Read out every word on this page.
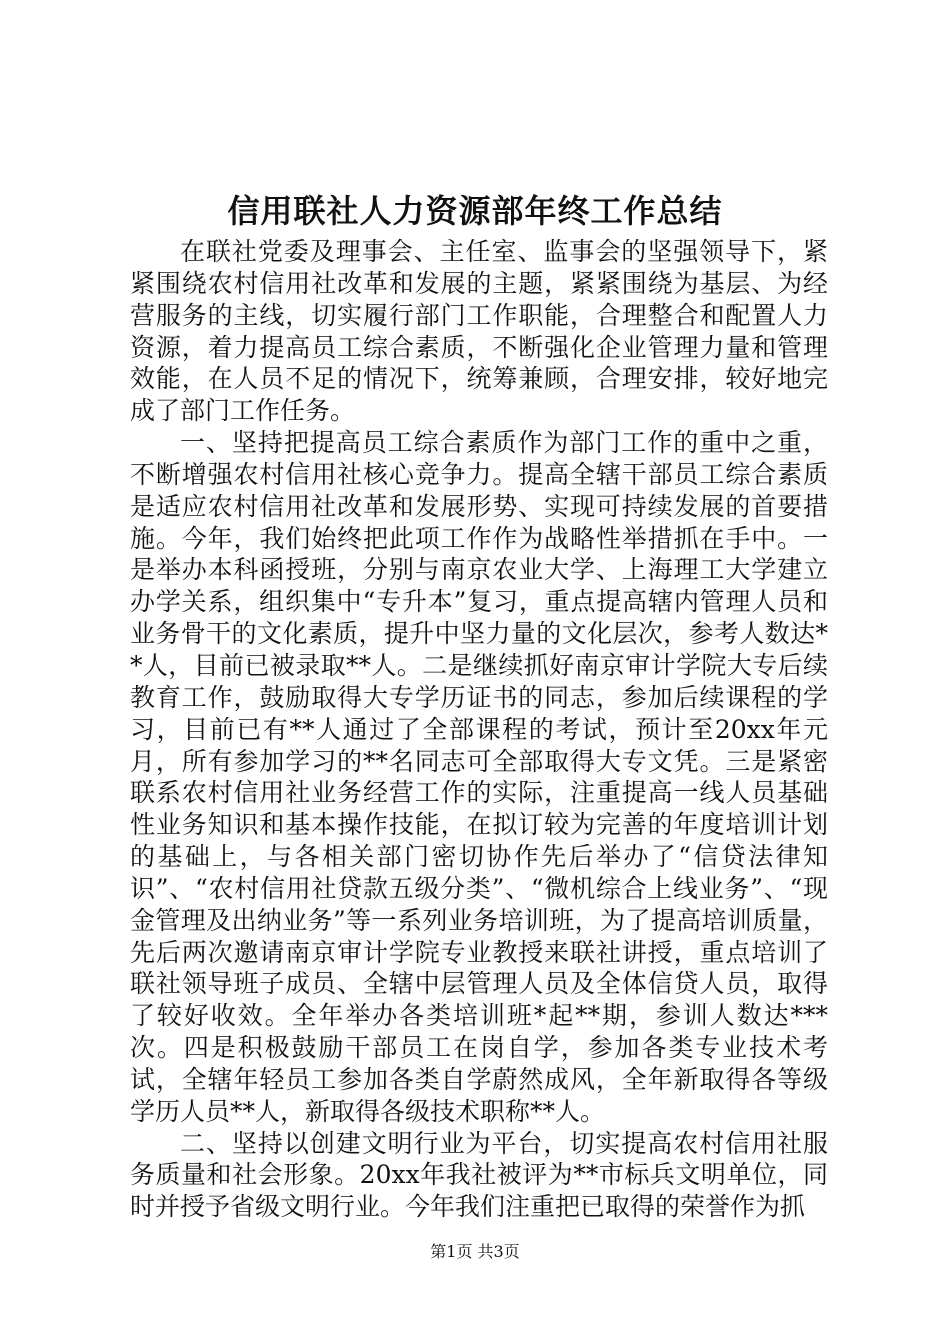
信用联社人力资源部年终工作总结

在联社党委及理事会、主任室、监事会的坚强领导下，紧紧围绕农村信用社改革和发展的主题，紧紧围绕为基层、为经营服务的主线，切实履行部门工作职能，合理整合和配置人力资源，着力提高员工综合素质，不断强化企业管理力量和管理效能，在人员不足的情况下，统筹兼顾，合理安排，较好地完成了部门工作任务。

一、坚持把提高员工综合素质作为部门工作的重中之重，不断增强农村信用社核心竞争力。提高全辖干部员工综合素质是适应农村信用社改革和发展形势、实现可持续发展的首要措施。今年，我们始终把此项工作作为战略性举措抓在手中。一是举办本科函授班，分别与南京农业大学、上海理工大学建立办学关系，组织集中“专升本”复习，重点提高辖内管理人员和业务骨干的文化素质，提升中坚力量的文化层次，参考人数达**人，目前已被录取**人。二是继续抓好南京审计学院大专后续教育工作，鼓励取得大专学历证书的同志，参加后续课程的学习，目前已有**人通过了全部课程的考试，预计至20xx年元月，所有参加学习的**名同志可全部取得大专文凭。三是紧密联系农村信用社业务经营工作的实际，注重提高一线人员基础性业务知识和基本操作技能，在拟订较为完善的年度培训计划的基础上，与各相关部门密切协作先后举办了“信贷法律知识”、“农村信用社贷款五级分类”、“微机综合上线业务”、“现金管理及出纳业务”等一系列业务培训班，为了提高培训质量，先后两次邀请南京审计学院专业教授来联社讲授，重点培训了联社领导班子成员、全辖中层管理人员及全体信贷人员，取得了较好收效。全年举办各类培训班*起**期，参训人数达***次。四是积极鼓励干部员工在岗自学，参加各类专业技术考试，全辖年轻员工参加各类自学蔚然成风，全年新取得各等级学历人员**人，新取得各级技术职称**人。

二、坚持以创建文明行业为平台，切实提高农村信用社服务质量和社会形象。20xx年我社被评为**市标兵文明单位，同时并授予省级文明行业。今年我们注重把已取得的荣誉作为抓

第1页 共3页
